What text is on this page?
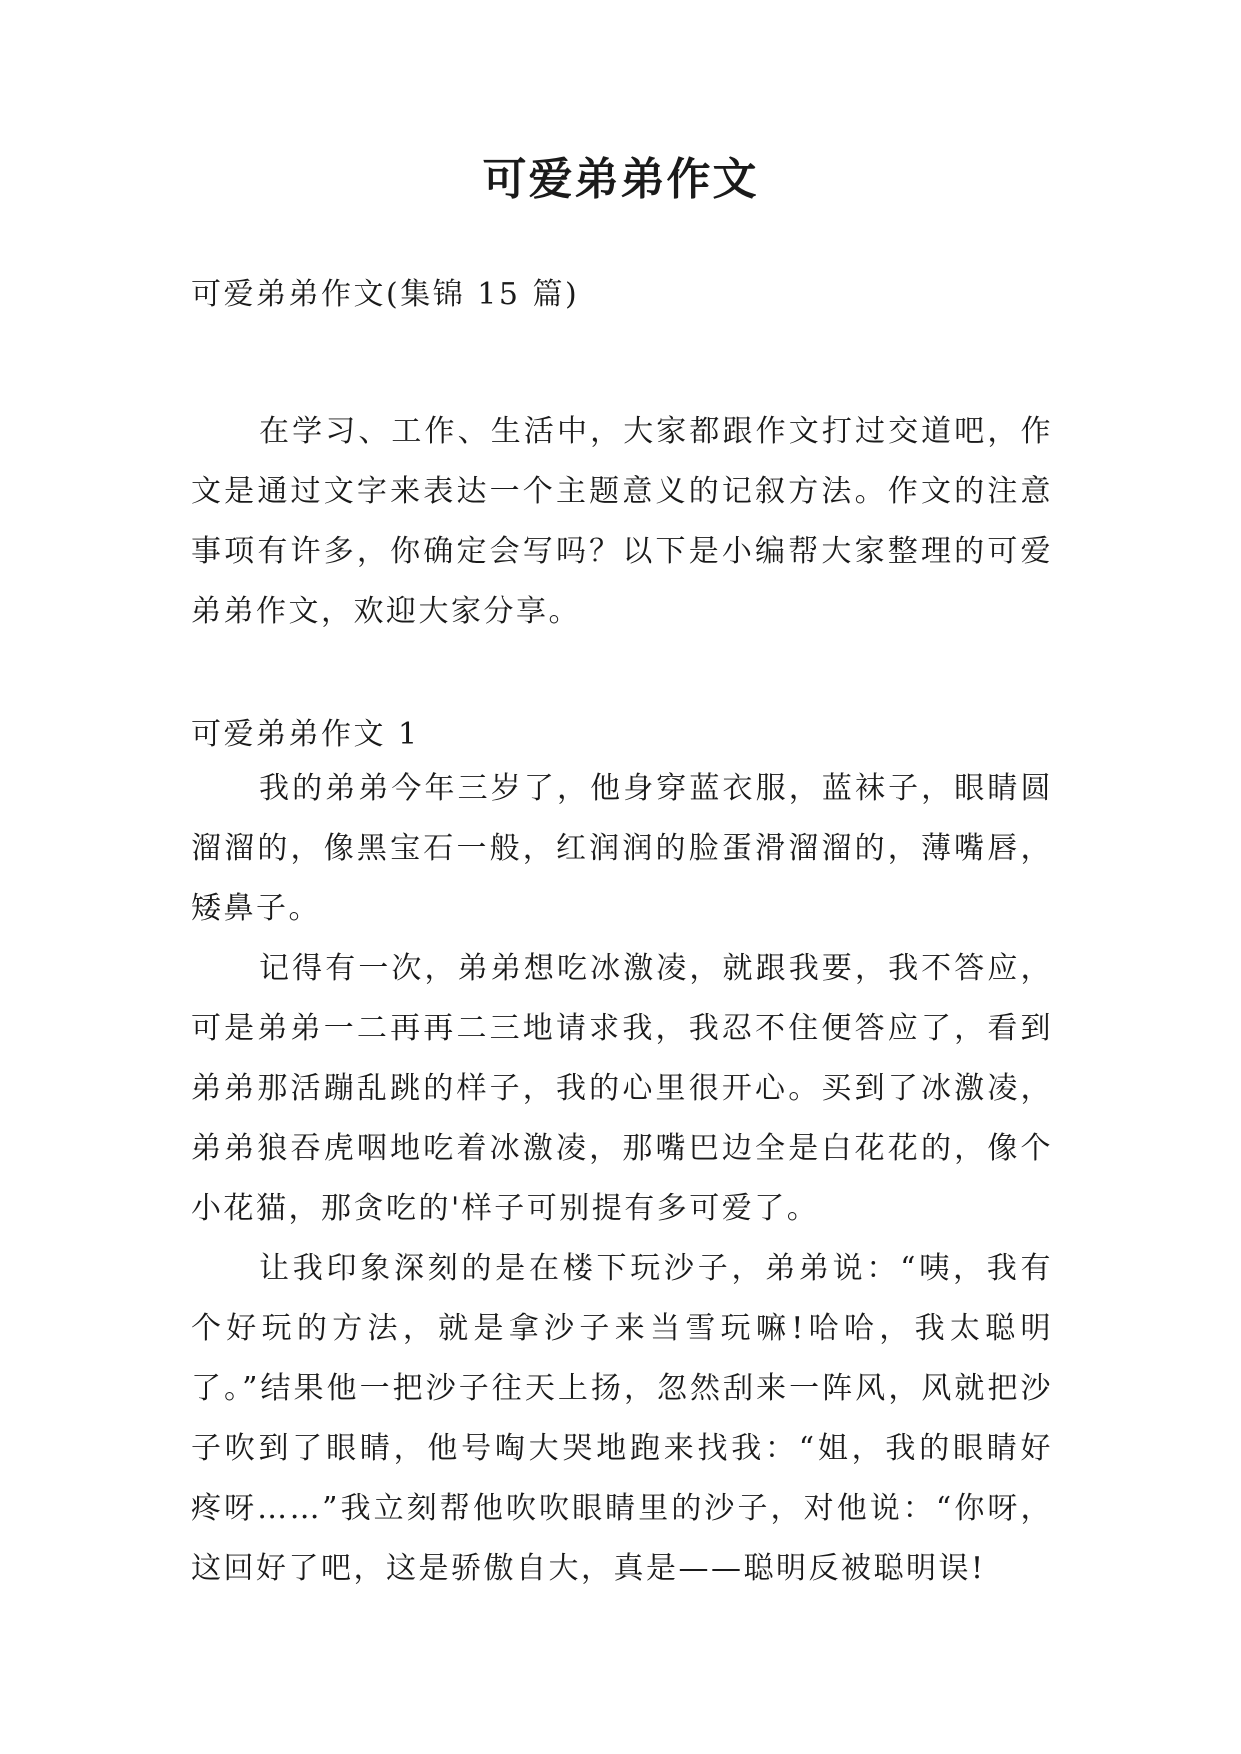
可爱弟弟作文
可爱弟弟作文(集锦 15 篇)

在学习、工作、生活中，大家都跟作文打过交道吧，作文是通过文字来表达一个主题意义的记叙方法。作文的注意事项有许多，你确定会写吗？以下是小编帮大家整理的可爱弟弟作文，欢迎大家分享。

可爱弟弟作文 1

我的弟弟今年三岁了，他身穿蓝衣服，蓝袜子，眼睛圆溜溜的，像黑宝石一般，红润润的脸蛋滑溜溜的，薄嘴唇，矮鼻子。

记得有一次，弟弟想吃冰激凌，就跟我要，我不答应，可是弟弟一二再再二三地请求我，我忍不住便答应了，看到弟弟那活蹦乱跳的样子，我的心里很开心。买到了冰激凌，弟弟狼吞虎咽地吃着冰激凌，那嘴巴边全是白花花的，像个小花猫，那贪吃的'样子可别提有多可爱了。

让我印象深刻的是在楼下玩沙子，弟弟说：“咦，我有个好玩的方法，就是拿沙子来当雪玩嘛!哈哈，我太聪明了。”结果他一把沙子往天上扬，忽然刮来一阵风，风就把沙子吹到了眼睛，他号啕大哭地跑来找我：“姐，我的眼睛好疼呀……”我立刻帮他吹吹眼睛里的沙子，对他说：“你呀，这回好了吧，这是骄傲自大，真是——聪明反被聪明误!
